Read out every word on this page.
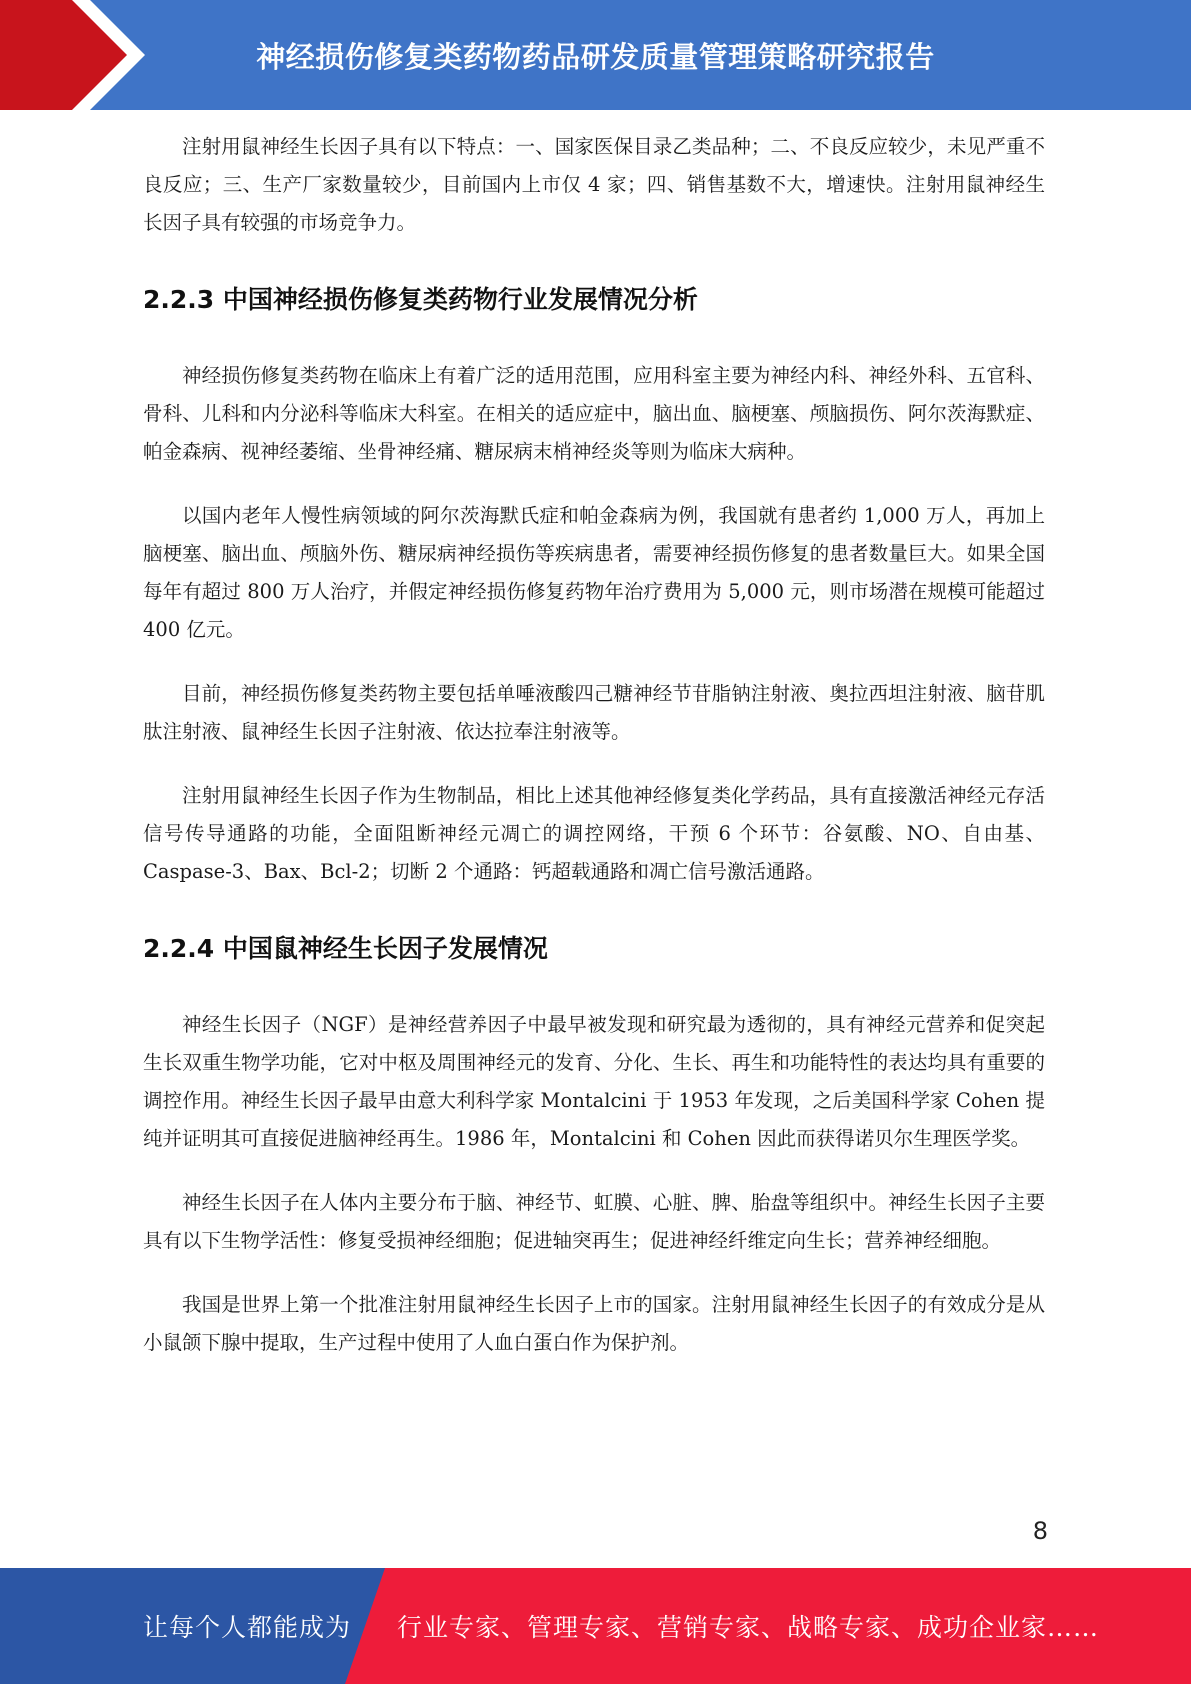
神经损伤修复类药物药品研发质量管理策略研究报告

注射用鼠神经生长因子具有以下特点：一、国家医保目录乙类品种；二、不良反应较少，未见严重不良反应；三、生产厂家数量较少，目前国内上市仅 4 家；四、销售基数不大，增速快。注射用鼠神经生长因子具有较强的市场竞争力。

2.2.3 中国神经损伤修复类药物行业发展情况分析

神经损伤修复类药物在临床上有着广泛的适用范围，应用科室主要为神经内科、神经外科、五官科、骨科、儿科和内分泌科等临床大科室。在相关的适应症中，脑出血、脑梗塞、颅脑损伤、阿尔茨海默症、帕金森病、视神经萎缩、坐骨神经痛、糖尿病末梢神经炎等则为临床大病种。

以国内老年人慢性病领域的阿尔茨海默氏症和帕金森病为例，我国就有患者约 1,000 万人，再加上脑梗塞、脑出血、颅脑外伤、糖尿病神经损伤等疾病患者，需要神经损伤修复的患者数量巨大。如果全国每年有超过 800 万人治疗，并假定神经损伤修复药物年治疗费用为 5,000 元，则市场潜在规模可能超过 400 亿元。

目前，神经损伤修复类药物主要包括单唾液酸四己糖神经节苷脂钠注射液、奥拉西坦注射液、脑苷肌肽注射液、鼠神经生长因子注射液、依达拉奉注射液等。

注射用鼠神经生长因子作为生物制品，相比上述其他神经修复类化学药品，具有直接激活神经元存活信号传导通路的功能，全面阻断神经元凋亡的调控网络，干预 6 个环节：谷氨酸、NO、自由基、Caspase-3、Bax、Bcl-2；切断 2 个通路：钙超载通路和凋亡信号激活通路。

2.2.4 中国鼠神经生长因子发展情况

神经生长因子（NGF）是神经营养因子中最早被发现和研究最为透彻的，具有神经元营养和促突起生长双重生物学功能，它对中枢及周围神经元的发育、分化、生长、再生和功能特性的表达均具有重要的调控作用。神经生长因子最早由意大利科学家 Montalcini 于 1953 年发现，之后美国科学家 Cohen 提纯并证明其可直接促进脑神经再生。1986 年，Montalcini 和 Cohen 因此而获得诺贝尔生理医学奖。

神经生长因子在人体内主要分布于脑、神经节、虹膜、心脏、脾、胎盘等组织中。神经生长因子主要具有以下生物学活性：修复受损神经细胞；促进轴突再生；促进神经纤维定向生长；营养神经细胞。

我国是世界上第一个批准注射用鼠神经生长因子上市的国家。注射用鼠神经生长因子的有效成分是从小鼠颌下腺中提取，生产过程中使用了人血白蛋白作为保护剂。

8
让每个人都能成为 行业专家、管理专家、营销专家、战略专家、成功企业家……
